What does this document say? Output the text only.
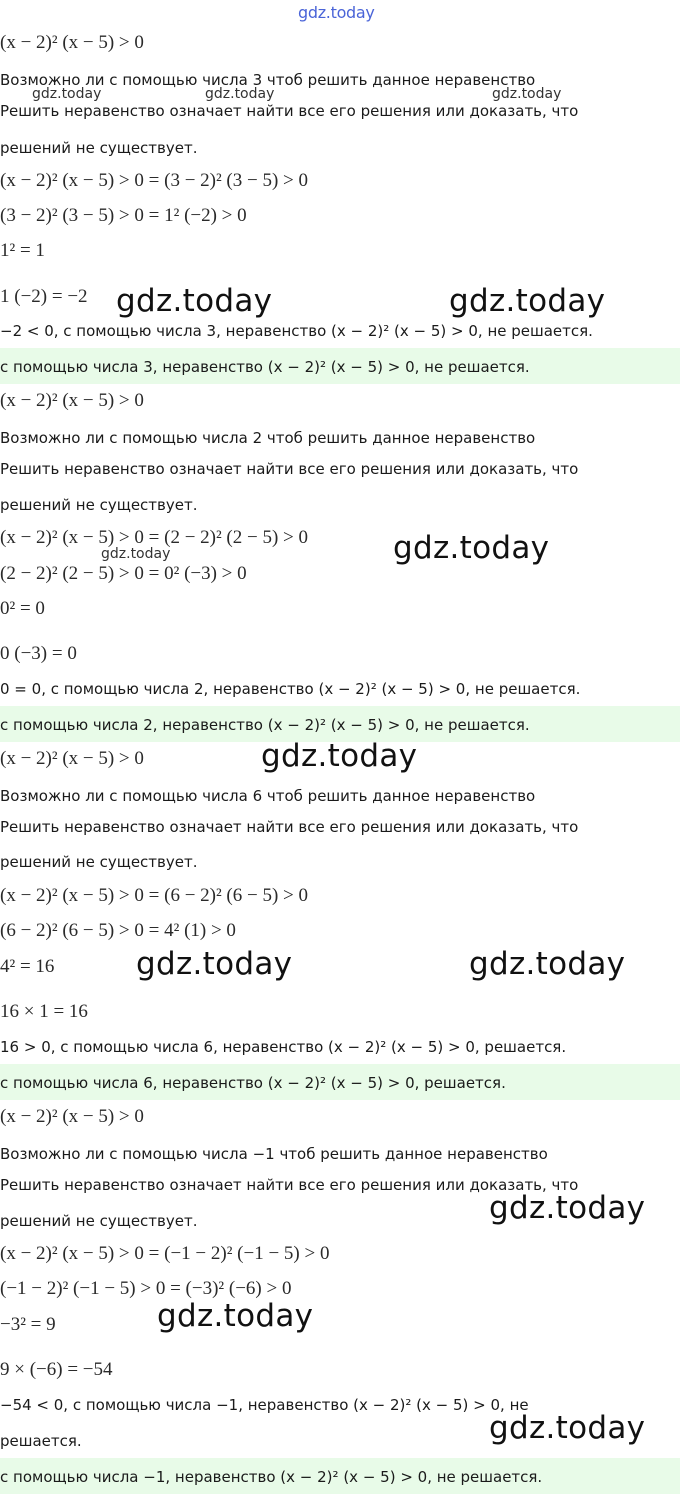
gdz.today
(x − 2)² (x − 5) > 0
Возможно ли с помощью числа 3 чтоб решить данное неравенство
gdz.today	gdz.today	gdz.today
Решить неравенство означает найти все его решения или доказать, что
решений не существует.
(x − 2)² (x − 5) > 0 = (3 − 2)² (3 − 5) > 0
(3 − 2)² (3 − 5) > 0 = 1² (−2) > 0
1² = 1
1 (−2) = −2 gdz.today	gdz.today
−2 < 0, с помощью числа 3, неравенство (x − 2)² (x − 5) > 0, не решается.
с помощью числа 3, неравенство (x − 2)² (x − 5) > 0, не решается.
(x − 2)² (x − 5) > 0
Возможно ли с помощью числа 2 чтоб решить данное неравенство
Решить неравенство означает найти все его решения или доказать, что
решений не существует.
(x − 2)² (x − 5) > 0 = (2 − 2)² (2 − 5) > 0	gdz.today
gdz.today
(2 − 2)² (2 − 5) > 0 = 0² (−3) > 0
0² = 0
0 (−3) = 0
0 = 0, с помощью числа 2, неравенство (x − 2)² (x − 5) > 0, не решается.
с помощью числа 2, неравенство (x − 2)² (x − 5) > 0, не решается.
(x − 2)² (x − 5) > 0	gdz.today
Возможно ли с помощью числа 6 чтоб решить данное неравенство
Решить неравенство означает найти все его решения или доказать, что
решений не существует.
(x − 2)² (x − 5) > 0 = (6 − 2)² (6 − 5) > 0
(6 − 2)² (6 − 5) > 0 = 4² (1) > 0
4² = 16	gdz.today	gdz.today
16 × 1 = 16
16 > 0, с помощью числа 6, неравенство (x − 2)² (x − 5) > 0, решается.
с помощью числа 6, неравенство (x − 2)² (x − 5) > 0, решается.
(x − 2)² (x − 5) > 0
Возможно ли с помощью числа −1 чтоб решить данное неравенство
Решить неравенство означает найти все его решения или доказать, что
gdz.today
решений не существует.
(x − 2)² (x − 5) > 0 = (−1 − 2)² (−1 − 5) > 0
(−1 − 2)² (−1 − 5) > 0 = (−3)² (−6) > 0
−3² = 9	gdz.today
9 × (−6) = −54
−54 < 0, с помощью числа −1, неравенство (x − 2)² (x − 5) > 0, не
gdz.today
решается.
с помощью числа −1, неравенство (x − 2)² (x − 5) > 0, не решается.
